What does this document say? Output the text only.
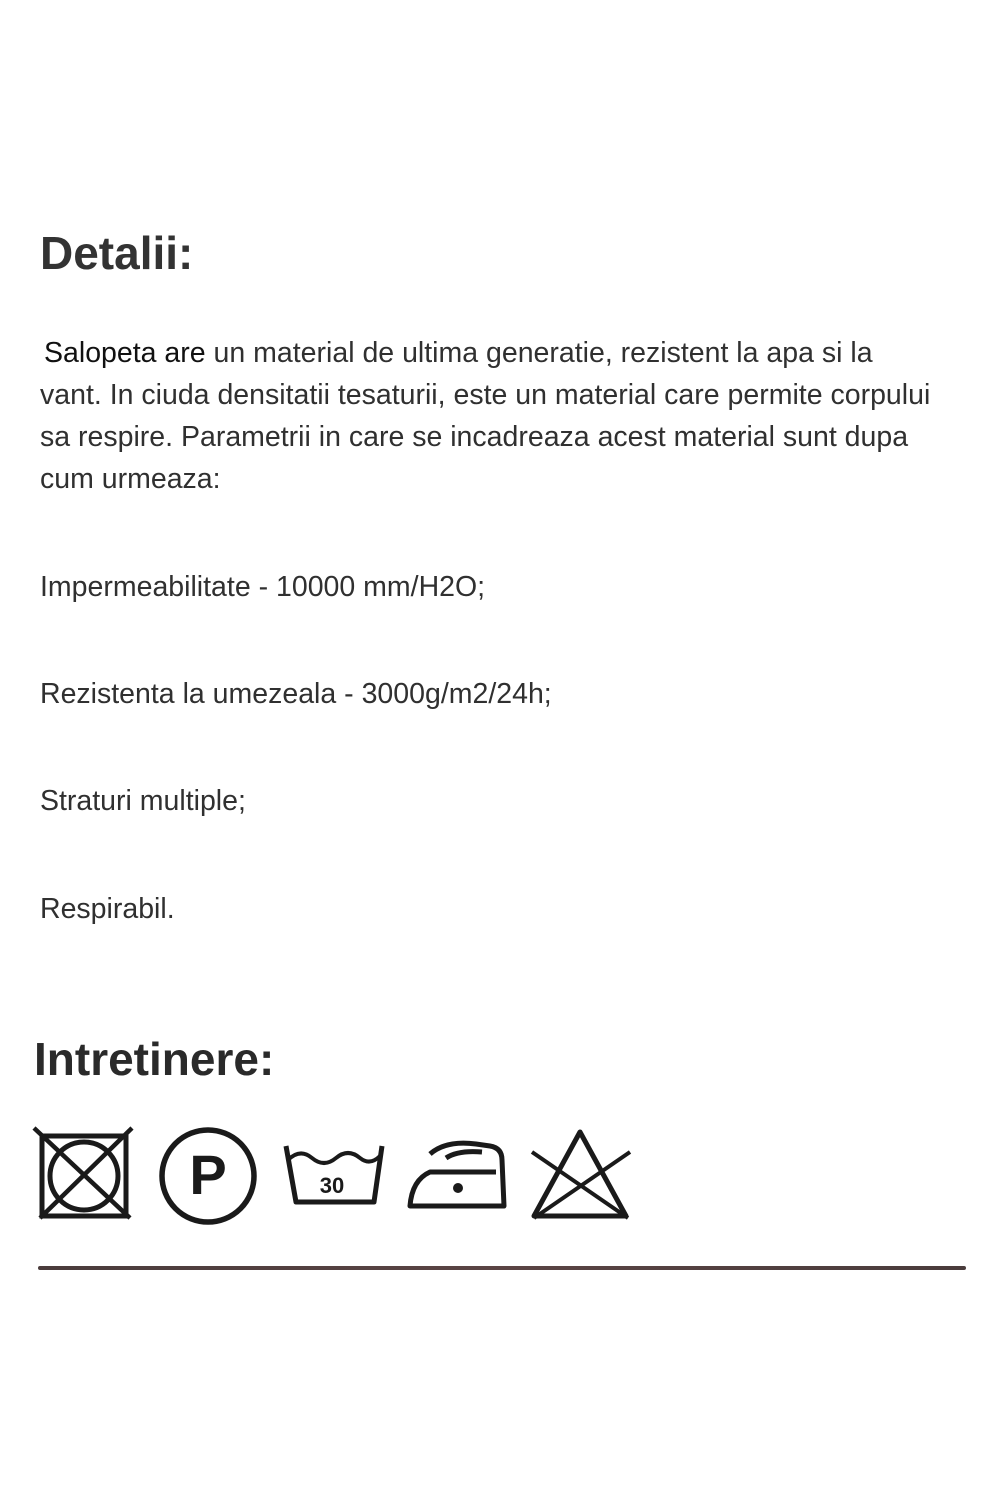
Detalii:

Salopeta are un material de ultima generatie, rezistent la apa si la vant. In ciuda densitatii tesaturii, este un material care permite corpului sa respire. Parametrii in care se incadreaza acest material sunt dupa cum urmeaza:

Impermeabilitate - 10000 mm/H2O;

Rezistenta la umezeala - 3000g/m2/24h;

Straturi multiple;

Respirabil.

Intretinere:
P	30
